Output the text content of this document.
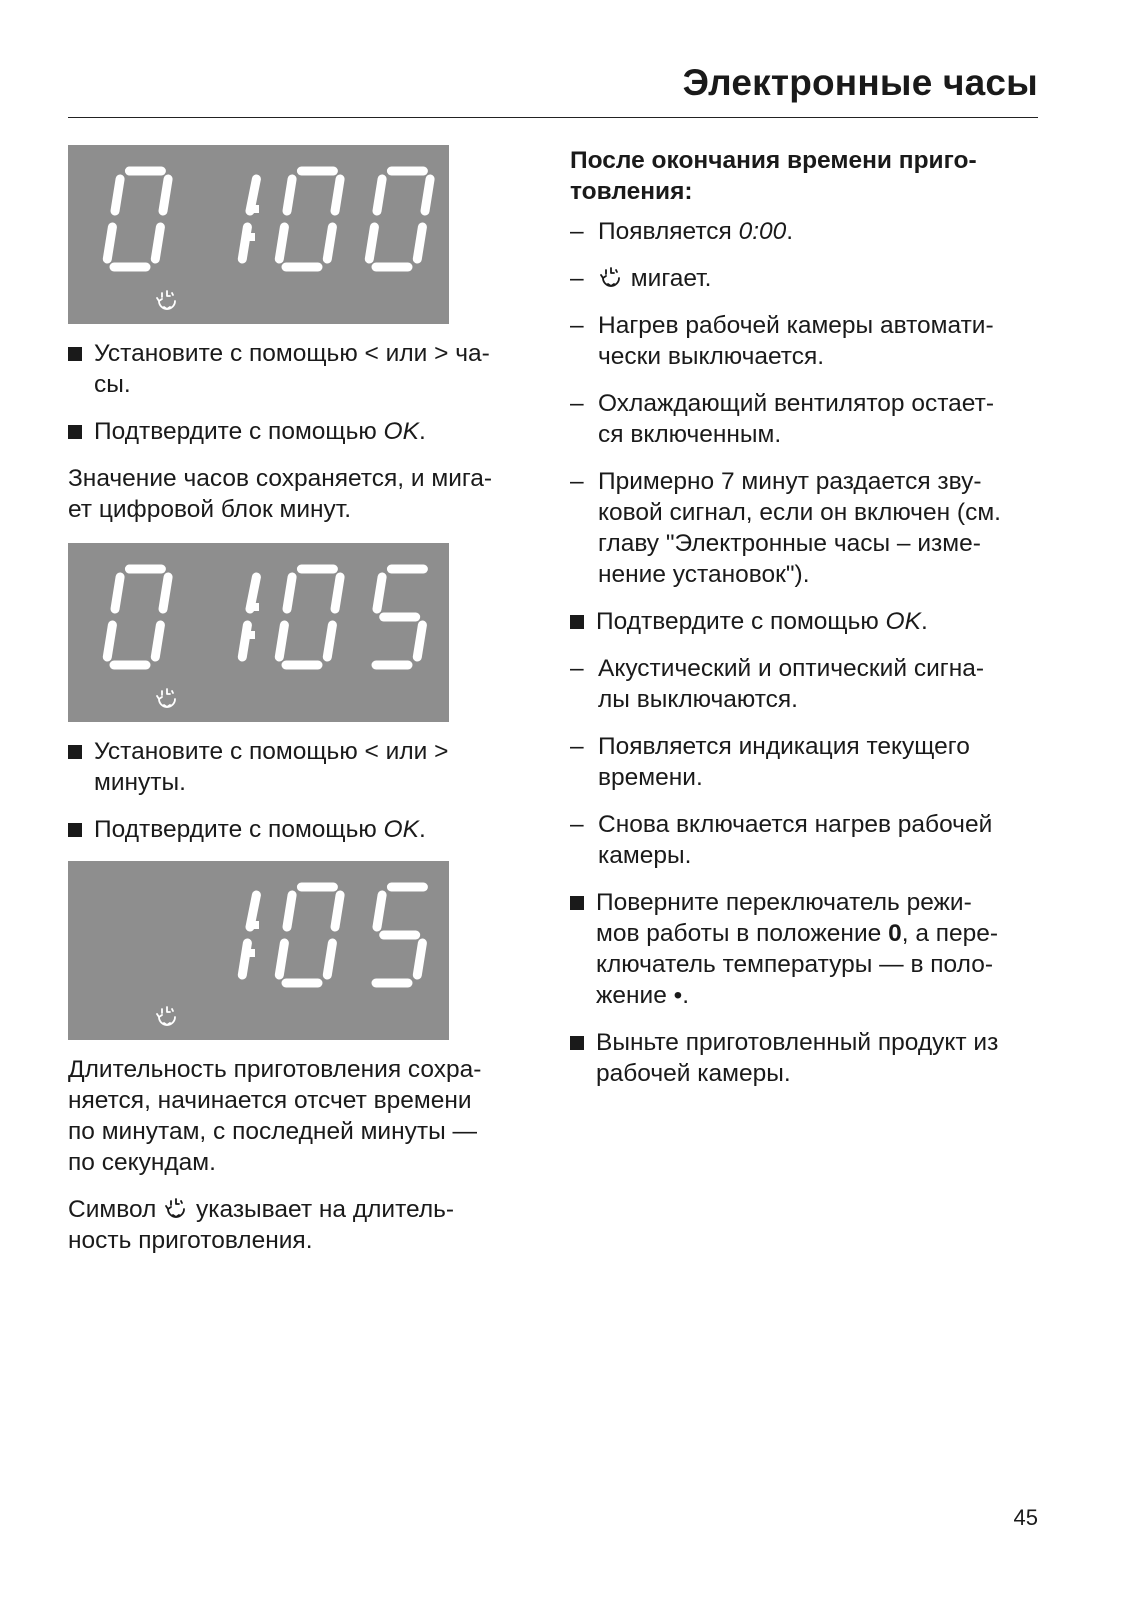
Электронные часы
Установите с помощью < или > ча-
сы.
Подтвердите с помощью OK.

Значение часов сохраняется, и мига-
ет цифровой блок минут.

Установите с помощью < или >
минуты.
Подтвердите с помощью OK.

Длительность приготовления сохра-
няется, начинается отсчет времени
по минутам, с последней минуты —
по секундам.

Символ  указывает на длитель-
ность приготовления.

После окончания времени приго-
товления:

– Появляется 0:00.
– мигает.
– Нагрев рабочей камеры автомати-
чески выключается.
– Охлаждающий вентилятор остает-
ся включенным.
– Примерно 7 минут раздается зву-
ковой сигнал, если он включен (см.
главу "Электронные часы – изме-
нение установок").
Подтвердите с помощью OK.
– Акустический и оптический сигна-
лы выключаются.
– Появляется индикация текущего
времени.
– Снова включается нагрев рабочей
камеры.
Поверните переключатель режи-
мов работы в положение 0, а пере-
ключатель температуры — в поло-
жение •.
Выньте приготовленный продукт из
рабочей камеры.
45
